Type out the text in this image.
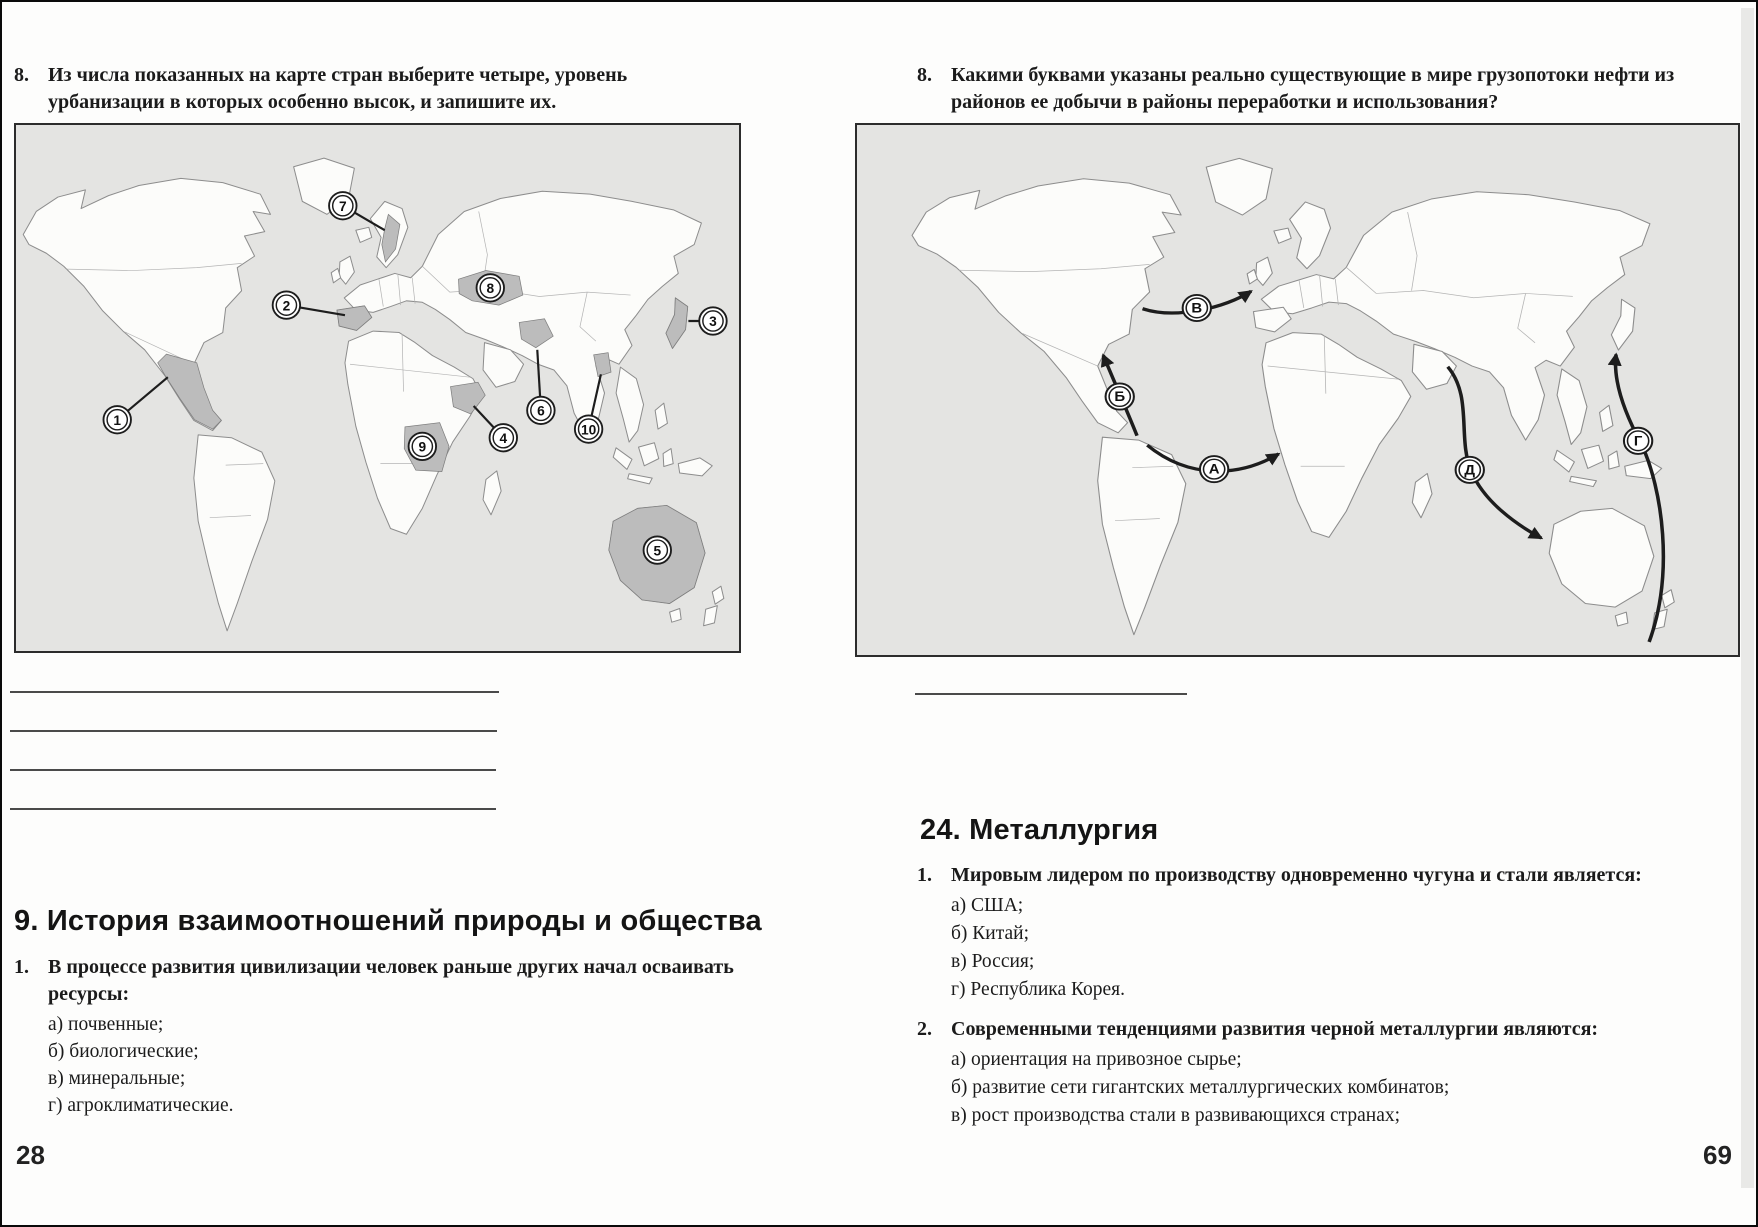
8. Из числа показанных на карте стран выберите четыре, уровень урбанизации в которых особенно высок, и запишите их.
1
2
7
8
3
6
10
4
9
5
9. История взаимоотношений природы и общества
1. В процессе развития цивилизации человек раньше других начал осваивать ресурсы:
а) почвенные;
б) биологические;
в) минеральные;
г) агроклиматические.
28
8. Какими буквами указаны реально существующие в мире грузопотоки нефти из районов ее добычи в районы переработки и использования?
В
Б
А	Д
Г
24. Металлургия
1. Мировым лидером по производству одновременно чугуна и стали является:
а) США;
б) Китай;
в) Россия;
г) Республика Корея.
2. Современными тенденциями развития черной металлургии являются:
а) ориентация на привозное сырье;
б) развитие сети гигантских металлургических комбинатов;
в) рост производства стали в развивающихся странах;
69
